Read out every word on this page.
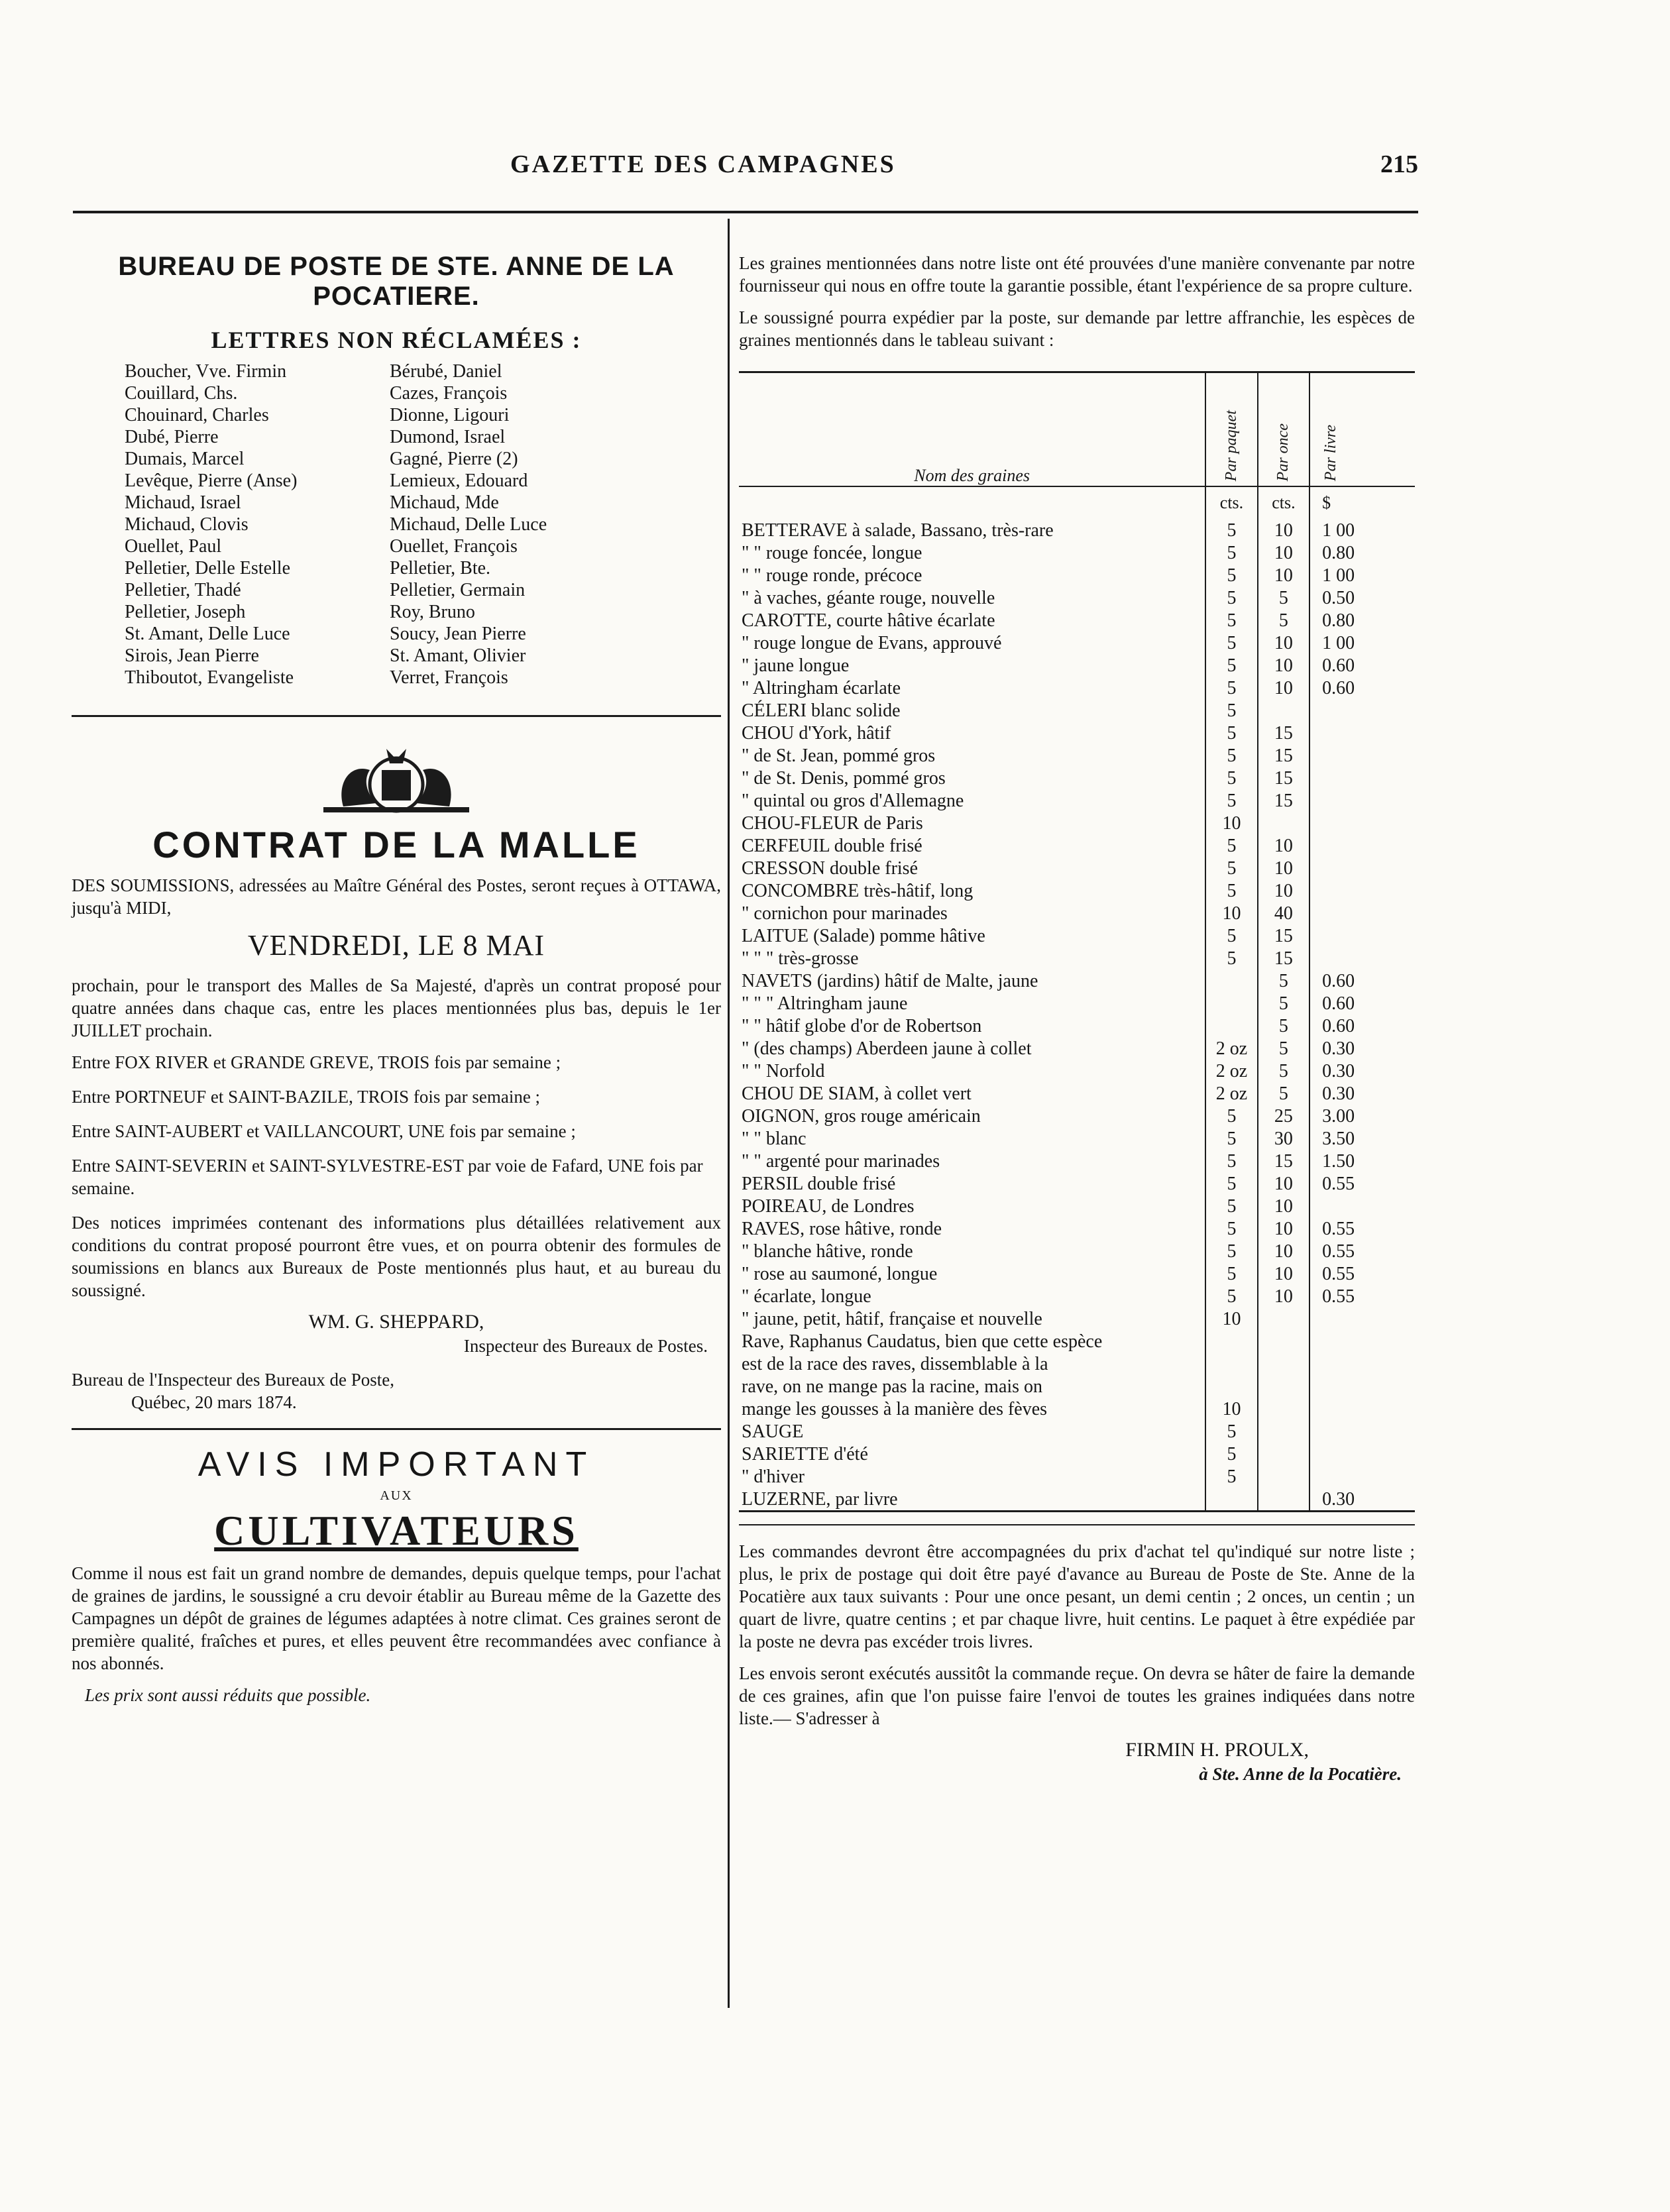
GAZETTE DES CAMPAGNES	215
BUREAU DE POSTE DE STE. ANNE DE LA POCATIERE.
LETTRES NON RÉCLAMÉES :
Boucher, Vve. Firmin	Bérubé, Daniel
Couillard, Chs.	Cazes, François
Chouinard, Charles	Dionne, Ligouri
Dubé, Pierre	Dumond, Israel
Dumais, Marcel	Gagné, Pierre (2)
Levêque, Pierre (Anse)	Lemieux, Edouard
Michaud, Israel	Michaud, Mde
Michaud, Clovis	Michaud, Delle Luce
Ouellet, Paul	Ouellet, François
Pelletier, Delle Estelle	Pelletier, Bte.
Pelletier, Thadé	Pelletier, Germain
Pelletier, Joseph	Roy, Bruno
St. Amant, Delle Luce	Soucy, Jean Pierre
Sirois, Jean Pierre	St. Amant, Olivier
Thiboutot, Evangeliste	Verret, François
CONTRAT DE LA MALLE

DES SOUMISSIONS, adressées au Maître Général des Postes, seront reçues à OTTAWA, jusqu'à MIDI,

VENDREDI, LE 8 MAI

prochain, pour le transport des Malles de Sa Majesté, d'après un contrat proposé pour quatre années dans chaque cas, entre les places mentionnées plus bas, depuis le 1er JUILLET prochain.

Entre FOX RIVER et GRANDE GREVE, TROIS fois par semaine ;

Entre PORTNEUF et SAINT-BAZILE, TROIS fois par semaine ;

Entre SAINT-AUBERT et VAILLANCOURT, UNE fois par semaine ;

Entre SAINT-SEVERIN et SAINT-SYLVESTRE-EST par voie de Fafard, UNE fois par semaine.

Des notices imprimées contenant des informations plus détaillées relativement aux conditions du contrat proposé pourront être vues, et on pourra obtenir des formules de soumissions en blancs aux Bureaux de Poste mentionnés plus haut, et au bureau du soussigné.

WM. G. SHEPPARD,
Inspecteur des Bureaux de Postes.

Bureau de l'Inspecteur des Bureaux de Poste,

Québec, 20 mars 1874.

AVIS IMPORTANT
AUX
CULTIVATEURS

Comme il nous est fait un grand nombre de demandes, depuis quelque temps, pour l'achat de graines de jardins, le soussigné a cru devoir établir au Bureau même de la Gazette des Campagnes un dépôt de graines de légumes adaptées à notre climat. Ces graines seront de première qualité, fraîches et pures, et elles peuvent être recommandées avec confiance à nos abonnés.

Les prix sont aussi réduits que possible.

Les graines mentionnées dans notre liste ont été prouvées d'une manière convenante par notre fournisseur qui nous en offre toute la garantie possible, étant l'expérience de sa propre culture.

Le soussigné pourra expédier par la poste, sur demande par lettre affranchie, les espèces de graines mentionnés dans le tableau suivant :

Nom des graines	Par paquet	Par once	Par livre
	cts.	cts.	$
BETTERAVE à salade, Bassano, très-rare	5	10	1 00
" " rouge foncée, longue	5	10	0.80
" " rouge ronde, précoce	5	10	1 00
" à vaches, géante rouge, nouvelle	5	5	0.50
CAROTTE, courte hâtive écarlate	5	5	0.80
" rouge longue de Evans, approuvé	5	10	1 00
" jaune longue	5	10	0.60
" Altringham écarlate	5	10	0.60
CÉLERI blanc solide	5		
CHOU d'York, hâtif	5	15	
" de St. Jean, pommé gros	5	15	
" de St. Denis, pommé gros	5	15	
" quintal ou gros d'Allemagne	5	15	
CHOU-FLEUR de Paris	10		
CERFEUIL double frisé	5	10	
CRESSON double frisé	5	10	
CONCOMBRE très-hâtif, long	5	10	
" cornichon pour marinades	10	40	
LAITUE (Salade) pomme hâtive	5	15	
" " " très-grosse	5	15	
NAVETS (jardins) hâtif de Malte, jaune		5	0.60
" " " Altringham jaune		5	0.60
" " hâtif globe d'or de Robertson		5	0.60
" (des champs) Aberdeen jaune à collet	2 oz	5	0.30
" " Norfold	2 oz	5	0.30
CHOU DE SIAM, à collet vert	2 oz	5	0.30
OIGNON, gros rouge américain	5	25	3.00
" " blanc	5	30	3.50
" " argenté pour marinades	5	15	1.50
PERSIL double frisé	5	10	0.55
POIREAU, de Londres	5	10	
RAVES, rose hâtive, ronde	5	10	0.55
" blanche hâtive, ronde	5	10	0.55
" rose au saumoné, longue	5	10	0.55
" écarlate, longue	5	10	0.55
" jaune, petit, hâtif, française et nouvelle	10		
Rave, Raphanus Caudatus, bien que cette espèce			
est de la race des raves, dissemblable à la			
rave, on ne mange pas la racine, mais on			
mange les gousses à la manière des fèves	10		
SAUGE	5		
SARIETTE d'été	5		
" d'hiver	5		
LUZERNE, par livre			0.30

Les commandes devront être accompagnées du prix d'achat tel qu'indiqué sur notre liste ; plus, le prix de postage qui doit être payé d'avance au Bureau de Poste de Ste. Anne de la Pocatière aux taux suivants : Pour une once pesant, un demi centin ; 2 onces, un centin ; un quart de livre, quatre centins ; et par chaque livre, huit centins. Le paquet à être expédiée par la poste ne devra pas excéder trois livres.

Les envois seront exécutés aussitôt la commande reçue. On devra se hâter de faire la demande de ces graines, afin que l'on puisse faire l'envoi de toutes les graines indiquées dans notre liste.— S'adresser à

FIRMIN H. PROULX,
à Ste. Anne de la Pocatière.
